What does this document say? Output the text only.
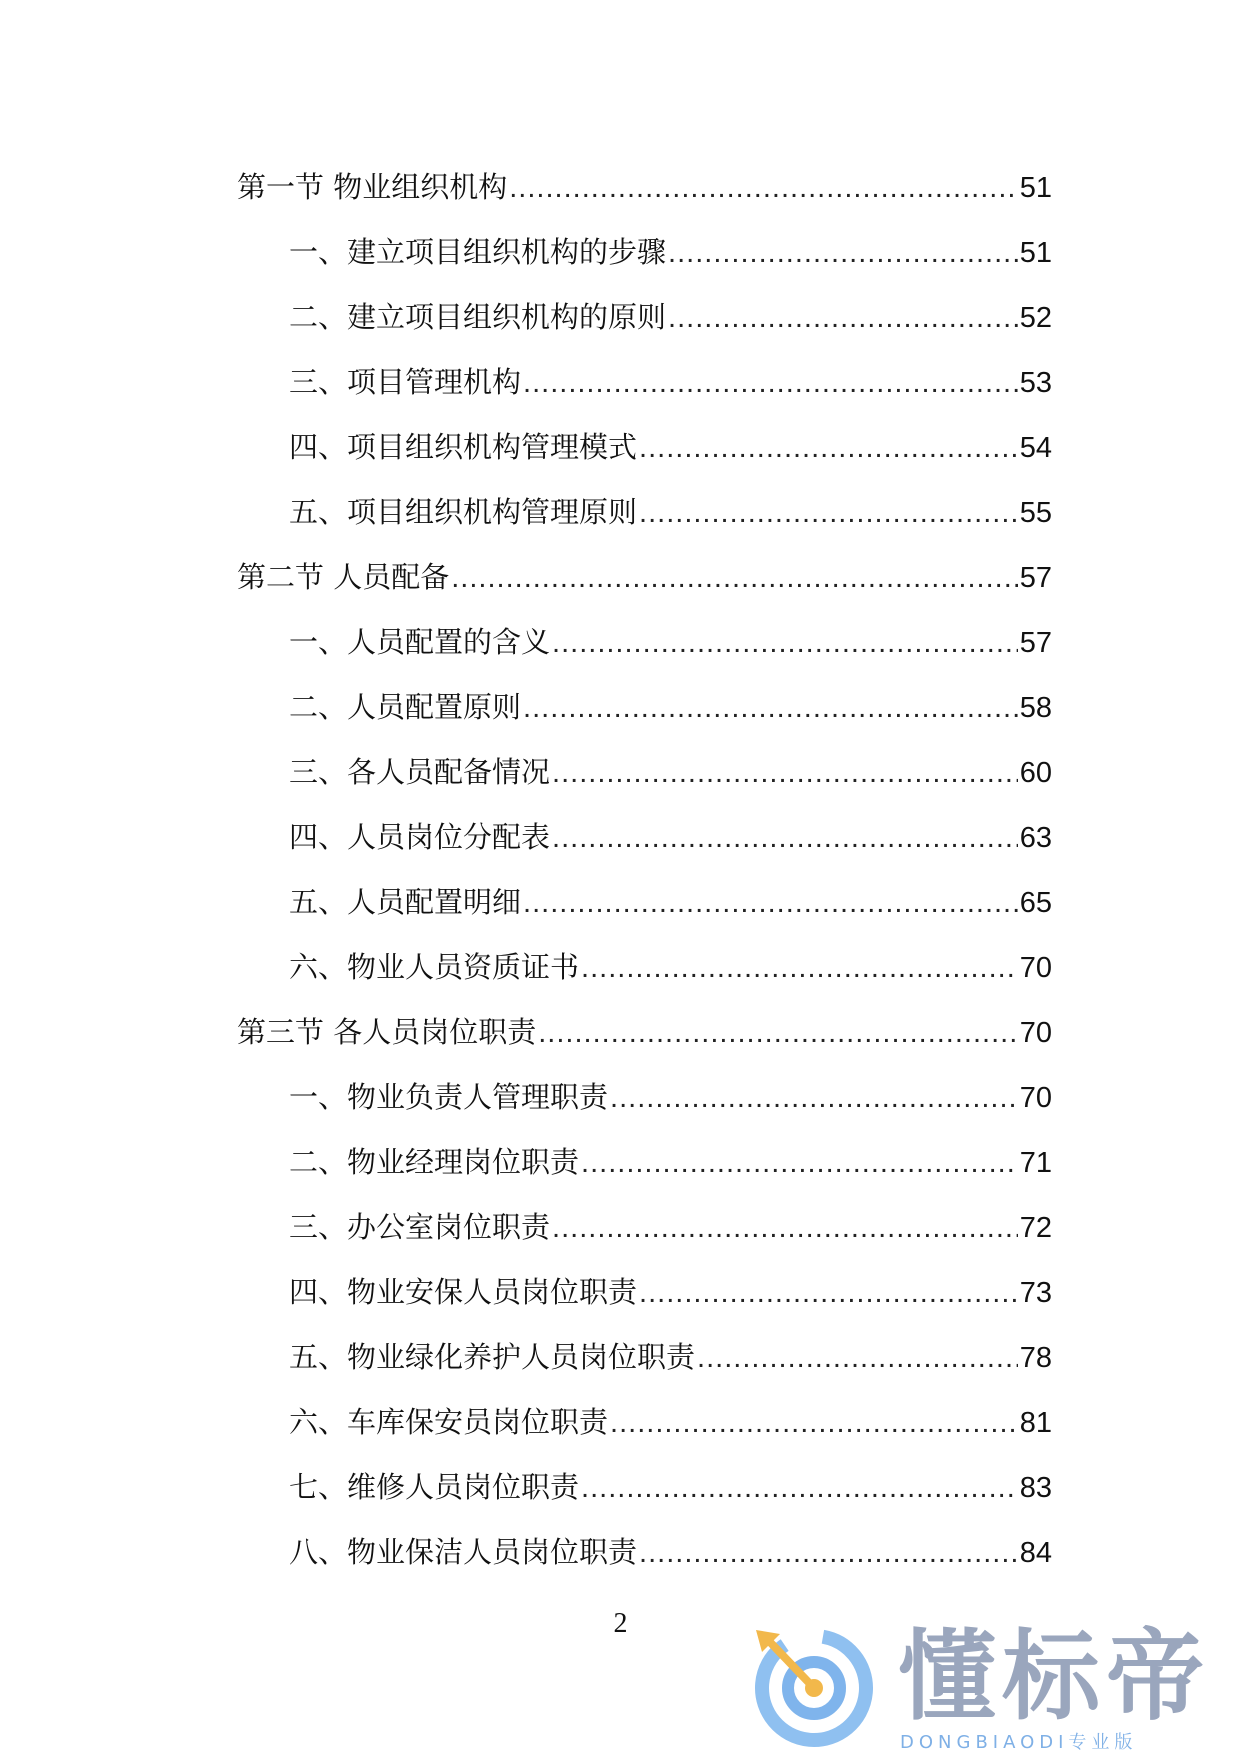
第一节 物业组织机构 .....	51
一、 建立项目组织机构的步骤 .....	51
二、 建立项目组织机构的原则 .....	52
三、 项目管理机构 .....	53
四、 项目组织机构管理模式 .....	54
五、 项目组织机构管理原则 .....	55
第二节 人员配备 .....	57
一、 人员配置的含义 .....	57
二、 人员配置原则 .....	58
三、 各人员配备情况 .....	60
四、 人员岗位分配表 .....	63
五、 人员配置明细 .....	65
六、 物业人员资质证书 .....	70
第三节 各人员岗位职责 .....	70
一、 物业负责人管理职责 .....	70
二、 物业经理岗位职责 .....	71
三、 办公室岗位职责 .....	72
四、 物业安保人员岗位职责 .....	73
五、 物业绿化养护人员岗位职责 .....	78
六、 车库保安员岗位职责 .....	81
七、 维修人员岗位职责 .....	83
八、 物业保洁人员岗位职责 .....	84
2	懂标帝
DONGBIAODI专业版
